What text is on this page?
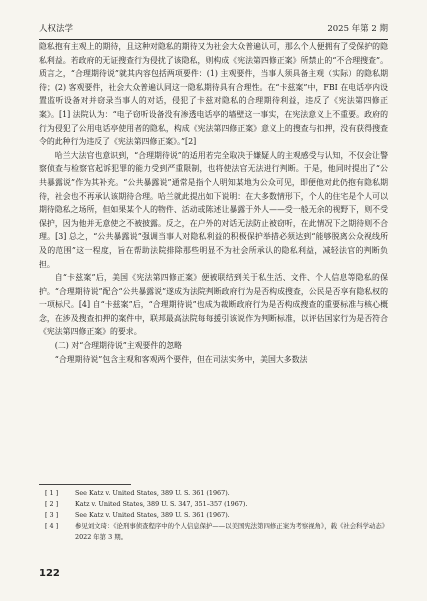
人权法学	2025 年第 2 期

隐私抱有主观上的期待，且这种对隐私的期待又为社会大众普遍认可，那么个人便拥有了受保护的隐私利益。若政府的无证搜查行为侵扰了该隐私，则构成《宪法第四修正案》所禁止的“不合理搜查”。质言之，“合理期待说”就其内容包括两项要件：(1) 主观要件，当事人须具备主观（实际）的隐私期待；(2) 客观要件，社会大众普遍认同这一隐私期待具有合理性。在“卡兹案”中，FBI 在电话亭内设置监听设备对并窃录当事人的对话，侵犯了卡兹对隐私的合理期待利益，违反了《宪法第四修正案》。[1] 法院认为：“电子窃听设备没有渗透电话亭的墙壁这一事实，在宪法意义上不重要。政府的行为侵犯了公用电话亭使用者的隐私，构成《宪法第四修正案》意义上的搜查与扣押，没有获得搜查令的此种行为违反了《宪法第四修正案》。”[2]

哈兰大法官也意识到，“合理期待说”的适用若完全取决于嫌疑人的主观感受与认知，不仅会让警察侦查与检察官起诉犯罪的能力受到严重限制，也将使法官无法进行判断。于是，他同时提出了“公共暴露说”作为其补充。“公共暴露说”通常是指个人明知某地为公众可见，即便他对此仍抱有隐私期待，社会也不再承认该期待合理。哈兰就此提出如下说明：在大多数情形下，个人的住宅是个人可以期待隐私之场所，但如果某个人的物件、活动或陈述让暴露于外人——受一般无余的视野下，则不受保护，因为他并无意使之不被披露。反之，在户外的对话无法防止被窃听，在此情况下之期待则不合理。[3] 总之，“公共暴露说”强调当事人对隐私利益的积极保护举措必须达到“能够脱离公众视线所及的范围”这一程度，旨在帮助法院排除那些明显不为社会所承认的隐私利益，减轻法官的判断负担。

自“卡兹案”后，美国《宪法第四修正案》便被联结到关于私生活、文件、个人信息等隐私的保护。“合理期待说”配合“公共暴露说”遂成为法院判断政府行为是否构成搜查，公民是否享有隐私权的一项标尺。[4] 自“卡兹案”后，“合理期待说”也成为裁断政府行为是否构成搜查的重要标准与核心概念，在涉及搜查扣押的案件中，联邦最高法院每每援引该说作为判断标准，以评估国家行为是否符合《宪法第四修正案》的要求。

(二) 对“合理期待说”主观要件的忽略

“合理期待说”包含主观和客观两个要件，但在司法实务中，美国大多数法

[ 1 ]	See Katz v. United States, 389 U. S. 361 (1967).
[ 2 ]	Katz v. United States, 389 U. S. 347, 351–357 (1967).
[ 3 ]	See Katz v. United States, 389 U. S. 361 (1967).
[ 4 ]	参见刘文琦：《论刑事侦查程序中的个人信息保护——以美国宪法第四修正案为考察视角》，载《社会科学动态》2022 年第 3 期。
122
